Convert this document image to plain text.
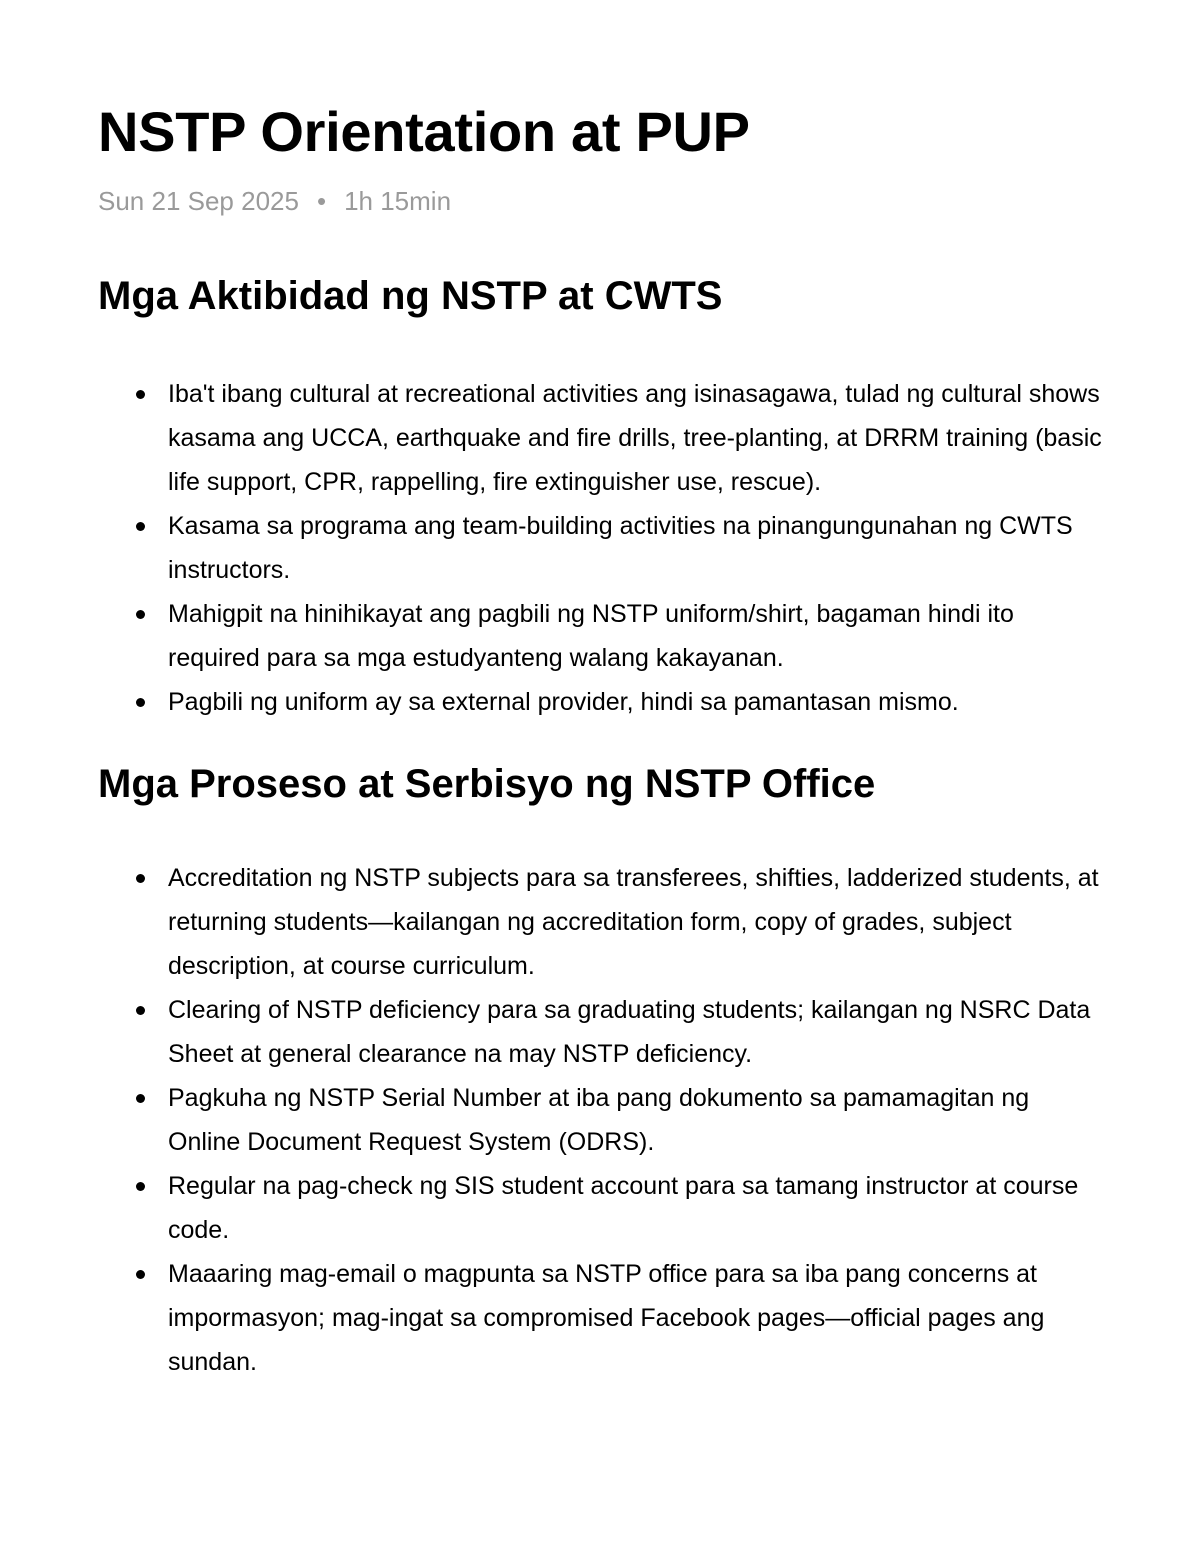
NSTP Orientation at PUP
Sun 21 Sep 2025 • 1h 15min
Mga Aktibidad ng NSTP at CWTS
Iba't ibang cultural at recreational activities ang isinasagawa, tulad ng cultural shows kasama ang UCCA, earthquake and fire drills, tree-planting, at DRRM training (basic life support, CPR, rappelling, fire extinguisher use, rescue).
Kasama sa programa ang team-building activities na pinangungunahan ng CWTS instructors.
Mahigpit na hinihikayat ang pagbili ng NSTP uniform/shirt, bagaman hindi ito required para sa mga estudyanteng walang kakayanan.
Pagbili ng uniform ay sa external provider, hindi sa pamantasan mismo.
Mga Proseso at Serbisyo ng NSTP Office
Accreditation ng NSTP subjects para sa transferees, shifties, ladderized students, at returning students—kailangan ng accreditation form, copy of grades, subject description, at course curriculum.
Clearing of NSTP deficiency para sa graduating students; kailangan ng NSRC Data Sheet at general clearance na may NSTP deficiency.
Pagkuha ng NSTP Serial Number at iba pang dokumento sa pamamagitan ng Online Document Request System (ODRS).
Regular na pag-check ng SIS student account para sa tamang instructor at course code.
Maaaring mag-email o magpunta sa NSTP office para sa iba pang concerns at impormasyon; mag-ingat sa compromised Facebook pages—official pages ang sundan.
